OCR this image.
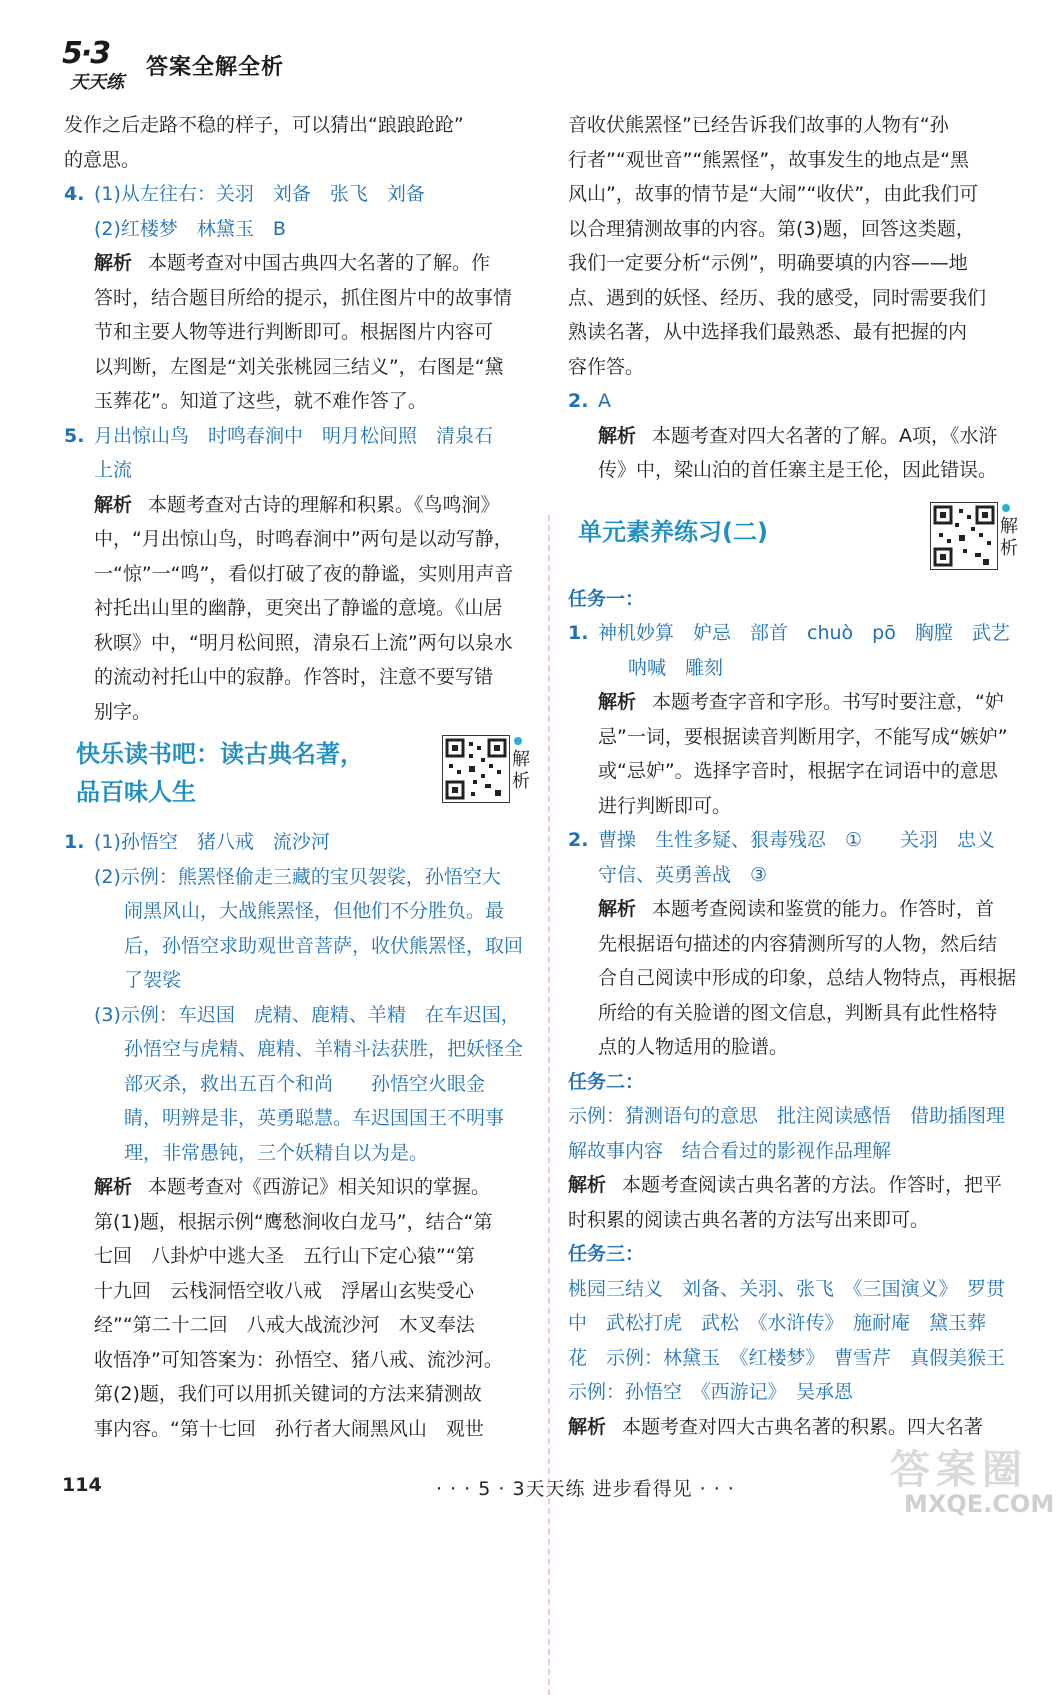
5·3
天天练
答案全解全析

发作之后走路不稳的样子，可以猜出“踉踉跄跄”

的意思。

4. (1)从左往右：关羽　刘备　张飞　刘备

(2)红楼梦　林黛玉　B

解析 本题考查对中国古典四大名著的了解。作

答时，结合题目所给的提示，抓住图片中的故事情

节和主要人物等进行判断即可。根据图片内容可

以判断，左图是“刘关张桃园三结义”，右图是“黛

玉葬花”。知道了这些，就不难作答了。

5. 月出惊山鸟　时鸣春涧中　明月松间照　清泉石

上流

解析 本题考查对古诗的理解和积累。《鸟鸣涧》

中，“月出惊山鸟，时鸣春涧中”两句是以动写静，

一“惊”一“鸣”，看似打破了夜的静谧，实则用声音

衬托出山里的幽静，更突出了静谧的意境。《山居

秋暝》中，“明月松间照，清泉石上流”两句以泉水

的流动衬托山中的寂静。作答时，注意不要写错

别字。

快乐读书吧：读古典名著，
品百味人生
解析
1. (1)孙悟空　猪八戒　流沙河

(2)示例：熊罴怪偷走三藏的宝贝袈裟，孙悟空大

闹黑风山，大战熊罴怪，但他们不分胜负。最

后，孙悟空求助观世音菩萨，收伏熊罴怪，取回

了袈裟

(3)示例：车迟国　虎精、鹿精、羊精　在车迟国，

孙悟空与虎精、鹿精、羊精斗法获胜，把妖怪全

部灭杀，救出五百个和尚　　孙悟空火眼金

睛，明辨是非，英勇聪慧。车迟国国王不明事

理，非常愚钝，三个妖精自以为是。

解析 本题考查对《西游记》相关知识的掌握。

第(1)题，根据示例“鹰愁涧收白龙马”，结合“第

七回　八卦炉中逃大圣　五行山下定心猿”“第

十九回　云栈洞悟空收八戒　浮屠山玄奘受心

经”“第二十二回　八戒大战流沙河　木叉奉法

收悟净”可知答案为：孙悟空、猪八戒、流沙河。

第(2)题，我们可以用抓关键词的方法来猜测故

事内容。“第十七回　孙行者大闹黑风山　观世

音收伏熊罴怪”已经告诉我们故事的人物有“孙

行者”“观世音”“熊罴怪”，故事发生的地点是“黑

风山”，故事的情节是“大闹”“收伏”，由此我们可

以合理猜测故事的内容。第(3)题，回答这类题，

我们一定要分析“示例”，明确要填的内容——地

点、遇到的妖怪、经历、我的感受，同时需要我们

熟读名著，从中选择我们最熟悉、最有把握的内

容作答。

2. A

解析 本题考查对四大名著的了解。A项，《水浒

传》中，梁山泊的首任寨主是王伦，因此错误。

单元素养练习(二)	解析

任务一：

1. 神机妙算　妒忌　部首　chuò　pō　胸膛　武艺

呐喊　雕刻

解析 本题考查字音和字形。书写时要注意，“妒

忌”一词，要根据读音判断用字，不能写成“嫉妒”

或“忌妒”。选择字音时，根据字在词语中的意思

进行判断即可。

2. 曹操　生性多疑、狠毒残忍　①　　关羽　忠义

守信、英勇善战　③

解析 本题考查阅读和鉴赏的能力。作答时，首

先根据语句描述的内容猜测所写的人物，然后结

合自己阅读中形成的印象，总结人物特点，再根据

所给的有关脸谱的图文信息，判断具有此性格特

点的人物适用的脸谱。

任务二：

示例：猜测语句的意思　批注阅读感悟　借助插图理

解故事内容　结合看过的影视作品理解

解析 本题考查阅读古典名著的方法。作答时，把平

时积累的阅读古典名著的方法写出来即可。

任务三：

桃园三结义　刘备、关羽、张飞　《三国演义》　罗贯

中　武松打虎　武松　《水浒传》　施耐庵　黛玉葬

花　示例：林黛玉　《红楼梦》　曹雪芹　真假美猴王

示例：孙悟空　《西游记》　吴承恩

解析 本题考查对四大古典名著的积累。四大名著

114	· · · 5 · 3天天练 进步看得见 · · ·	答案圈
MXQE.COM
